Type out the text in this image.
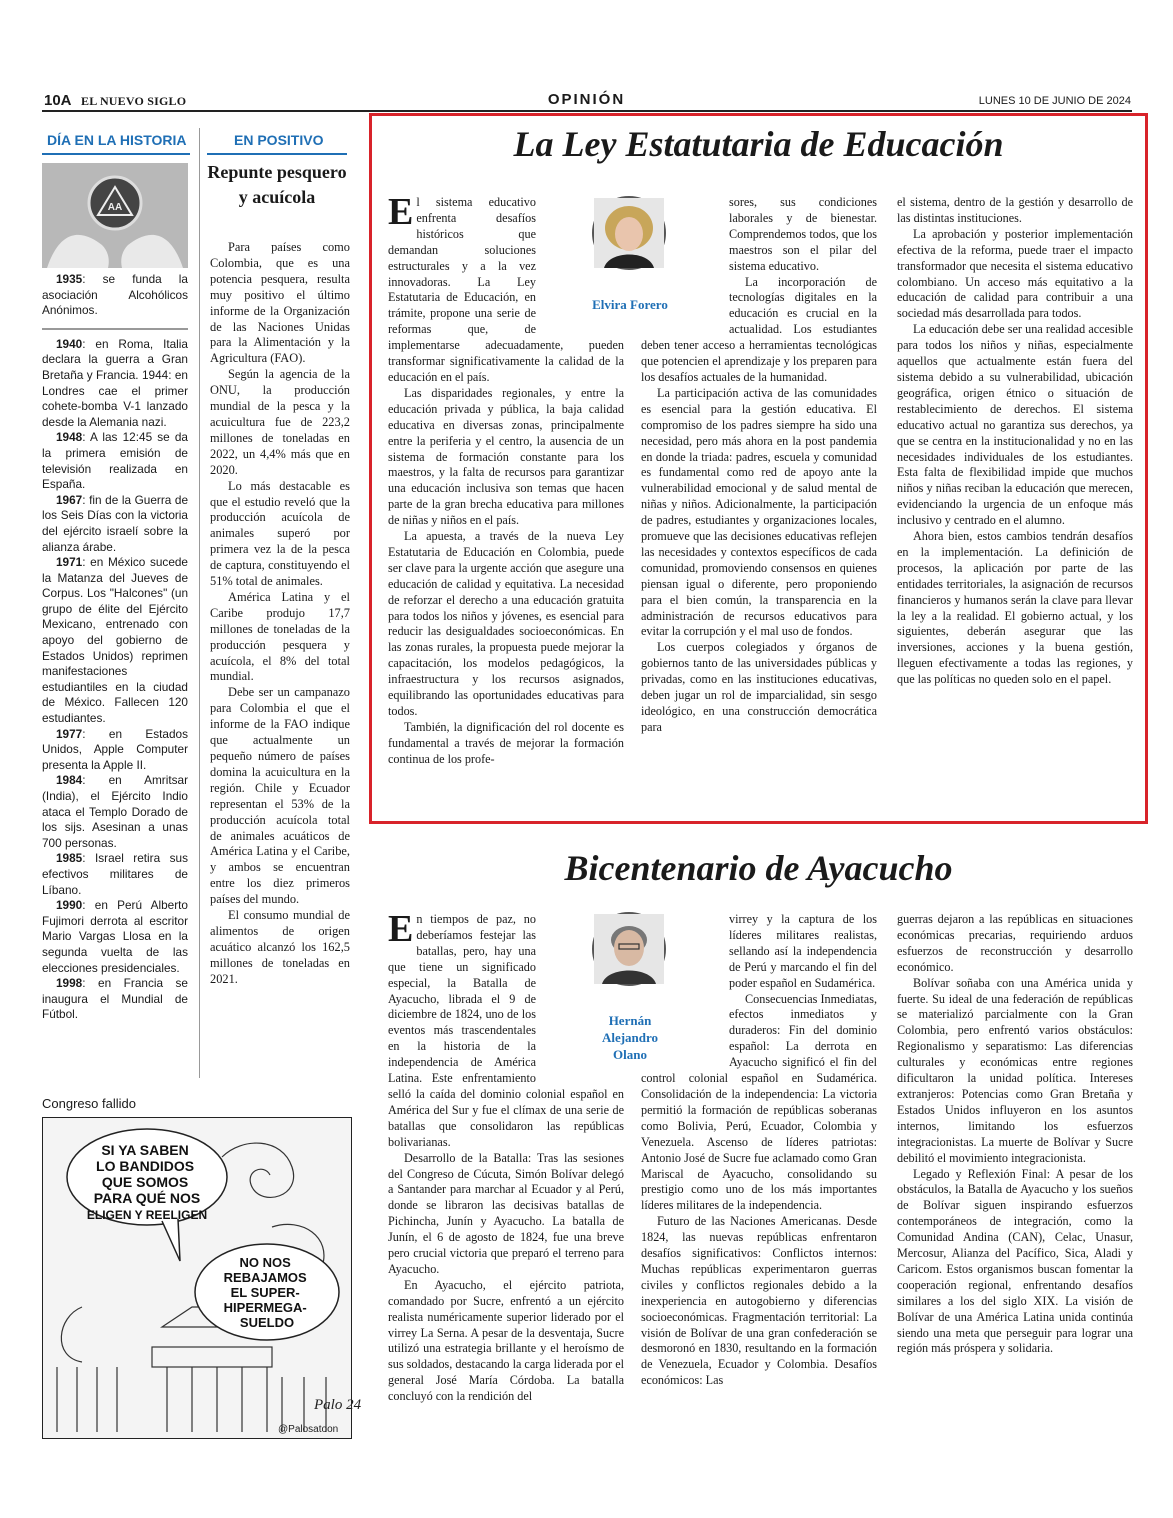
10A EL NUEVO SIGLO	OPINIÓN	LUNES 10 DE JUNIO DE 2024
DÍA EN LA HISTORIA
AA

1935: se funda la asociación Alcohólicos Anónimos.

1940: en Roma, Italia declara la guerra a Gran Bretaña y Francia. 1944: en Londres cae el primer cohete-bomba V-1 lanzado desde la Alemania nazi.

1948: A las 12:45 se da la primera emisión de televisión realizada en España.

1967: fin de la Guerra de los Seis Días con la victoria del ejército israelí sobre la alianza árabe.

1971: en México sucede la Matanza del Jueves de Corpus. Los "Halcones" (un grupo de élite del Ejército Mexicano, entrenado con apoyo del gobierno de Estados Unidos) reprimen manifestaciones estudiantiles en la ciudad de México. Fallecen 120 estudiantes.

1977: en Estados Unidos, Apple Computer presenta la Apple II.

1984: en Amritsar (India), el Ejército Indio ataca el Templo Dorado de los sijs. Asesinan a unas 700 personas.

1985: Israel retira sus efectivos militares de Líbano.

1990: en Perú Alberto Fujimori derrota al escritor Mario Vargas Llosa en la segunda vuelta de las elecciones presidenciales.

1998: en Francia se inaugura el Mundial de Fútbol.

EN POSITIVO
Repunte pesquero y acuícola

Para países como Colombia, que es una potencia pesquera, resulta muy positivo el último informe de la Organización de las Naciones Unidas para la Alimentación y la Agricultura (FAO).

Según la agencia de la ONU, la producción mundial de la pesca y la acuicultura fue de 223,2 millones de toneladas en 2022, un 4,4% más que en 2020.

Lo más destacable es que el estudio reveló que la producción acuícola de animales superó por primera vez la de la pesca de captura, constituyendo el 51% total de animales.

América Latina y el Caribe produjo 17,7 millones de toneladas de la producción pesquera y acuícola, el 8% del total mundial.

Debe ser un campanazo para Colombia el que el informe de la FAO indique que actualmente un pequeño número de países domina la acuicultura en la región. Chile y Ecuador representan el 53% de la producción acuícola total de animales acuáticos de América Latina y el Caribe, y ambos se encuentran entre los diez primeros países del mundo.

El consumo mundial de alimentos de origen acuático alcanzó los 162,5 millones de toneladas en 2021.

Congreso fallido
SI YA SABEN LO BANDIDOS QUE SOMOS PARA QUÉ NOS
ELIGEN Y REELIGEN
NO NOS REBAJAMOS EL SUPER- HIPERMEGA- SUELDO
Palo 24
@Palosatoon
La Ley Estatutaria de Educación

El sistema educativo enfrenta desafíos históricos que demandan soluciones estructurales y a la vez innovadoras. La Ley Estatutaria de Educación, en trámite, propone una serie de reformas que, de implementarse adecuadamente, pueden transformar significativamente la calidad de la educación en el país.

Las disparidades regionales, y entre la educación privada y pública, la baja calidad educativa en diversas zonas, principalmente entre la periferia y el centro, la ausencia de un sistema de formación constante para los maestros, y la falta de recursos para garantizar una educación inclusiva son temas que hacen parte de la gran brecha educativa para millones de niñas y niños en el país.

La apuesta, a través de la nueva Ley Estatutaria de Educación en Colombia, puede ser clave para la urgente acción que asegure una educación de calidad y equitativa. La necesidad de reforzar el derecho a una educación gratuita para todos los niños y jóvenes, es esencial para reducir las desigualdades socioeconómicas. En las zonas rurales, la propuesta puede mejorar la capacitación, los modelos pedagógicos, la infraestructura y los recursos asignados, equilibrando las oportunidades educativas para todos.

También, la dignificación del rol docente es fundamental a través de mejorar la formación continua de los profe-

Elvira Forero

sores, sus condiciones laborales y de bienestar. Comprendemos todos, que los maestros son el pilar del sistema educativo.

La incorporación de tecnologías digitales en la educación es crucial en la actualidad. Los estudiantes deben tener acceso a herramientas tecnológicas que potencien el aprendizaje y los preparen para los desafíos actuales de la humanidad.

La participación activa de las comunidades es esencial para la gestión educativa. El compromiso de los padres siempre ha sido una necesidad, pero más ahora en la post pandemia en donde la triada: padres, escuela y comunidad es fundamental como red de apoyo ante la vulnerabilidad emocional y de salud mental de niñas y niños. Adicionalmente, la participación de padres, estudiantes y organizaciones locales, promueve que las decisiones educativas reflejen las necesidades y contextos específicos de cada comunidad, promoviendo consensos en quienes piensan igual o diferente, pero proponiendo para el bien común, la transparencia en la administración de recursos educativos para evitar la corrupción y el mal uso de fondos.

Los cuerpos colegiados y órganos de gobiernos tanto de las universidades públicas y privadas, como en las instituciones educativas, deben jugar un rol de imparcialidad, sin sesgo ideológico, en una construcción democrática para

el sistema, dentro de la gestión y desarrollo de las distintas instituciones.

La aprobación y posterior implementación efectiva de la reforma, puede traer el impacto transformador que necesita el sistema educativo colombiano. Un acceso más equitativo a la educación de calidad para contribuir a una sociedad más desarrollada para todos.

La educación debe ser una realidad accesible para todos los niños y niñas, especialmente aquellos que actualmente están fuera del sistema debido a su vulnerabilidad, ubicación geográfica, origen étnico o situación de restablecimiento de derechos. El sistema educativo actual no garantiza sus derechos, ya que se centra en la institucionalidad y no en las necesidades individuales de los estudiantes. Esta falta de flexibilidad impide que muchos niños y niñas reciban la educación que merecen, evidenciando la urgencia de un enfoque más inclusivo y centrado en el alumno.

Ahora bien, estos cambios tendrán desafíos en la implementación. La definición de procesos, la aplicación por parte de las entidades territoriales, la asignación de recursos financieros y humanos serán la clave para llevar la ley a la realidad. El gobierno actual, y los siguientes, deberán asegurar que las inversiones, acciones y la buena gestión, lleguen efectivamente a todas las regiones, y que las políticas no queden solo en el papel.

Bicentenario de Ayacucho

En tiempos de paz, no deberíamos festejar las batallas, pero, hay una que tiene un significado especial, la Batalla de Ayacucho, librada el 9 de diciembre de 1824, uno de los eventos más trascendentales en la historia de la independencia de América Latina. Este enfrentamiento selló la caída del dominio colonial español en América del Sur y fue el clímax de una serie de batallas que consolidaron las repúblicas bolivarianas.

Desarrollo de la Batalla: Tras las sesiones del Congreso de Cúcuta, Simón Bolívar delegó a Santander para marchar al Ecuador y al Perú, donde se libraron las decisivas batallas de Pichincha, Junín y Ayacucho. La batalla de Junín, el 6 de agosto de 1824, fue una breve pero crucial victoria que preparó el terreno para Ayacucho.

En Ayacucho, el ejército patriota, comandado por Sucre, enfrentó a un ejército realista numéricamente superior liderado por el virrey La Serna. A pesar de la desventaja, Sucre utilizó una estrategia brillante y el heroísmo de sus soldados, destacando la carga liderada por el general José María Córdoba. La batalla concluyó con la rendición del

Hernán Alejandro Olano

virrey y la captura de los líderes militares realistas, sellando así la independencia de Perú y marcando el fin del poder español en Sudamérica.

Consecuencias Inmediatas, efectos inmediatos y duraderos: Fin del dominio español: La derrota en Ayacucho significó el fin del control colonial español en Sudamérica. Consolidación de la independencia: La victoria permitió la formación de repúblicas soberanas como Bolivia, Perú, Ecuador, Colombia y Venezuela. Ascenso de líderes patriotas: Antonio José de Sucre fue aclamado como Gran Mariscal de Ayacucho, consolidando su prestigio como uno de los más importantes líderes militares de la independencia.

Futuro de las Naciones Americanas. Desde 1824, las nuevas repúblicas enfrentaron desafíos significativos: Conflictos internos: Muchas repúblicas experimentaron guerras civiles y conflictos regionales debido a la inexperiencia en autogobierno y diferencias socioeconómicas. Fragmentación territorial: La visión de Bolívar de una gran confederación se desmoronó en 1830, resultando en la formación de Venezuela, Ecuador y Colombia. Desafíos económicos: Las

guerras dejaron a las repúblicas en situaciones económicas precarias, requiriendo arduos esfuerzos de reconstrucción y desarrollo económico.

Bolívar soñaba con una América unida y fuerte. Su ideal de una federación de repúblicas se materializó parcialmente con la Gran Colombia, pero enfrentó varios obstáculos: Regionalismo y separatismo: Las diferencias culturales y económicas entre regiones dificultaron la unidad política. Intereses extranjeros: Potencias como Gran Bretaña y Estados Unidos influyeron en los asuntos internos, limitando los esfuerzos integracionistas. La muerte de Bolívar y Sucre debilitó el movimiento integracionista.

Legado y Reflexión Final: A pesar de los obstáculos, la Batalla de Ayacucho y los sueños de Bolívar siguen inspirando esfuerzos contemporáneos de integración, como la Comunidad Andina (CAN), Celac, Unasur, Mercosur, Alianza del Pacífico, Sica, Aladi y Caricom. Estos organismos buscan fomentar la cooperación regional, enfrentando desafíos similares a los del siglo XIX. La visión de Bolívar de una América Latina unida continúa siendo una meta que perseguir para lograr una región más próspera y solidaria.
